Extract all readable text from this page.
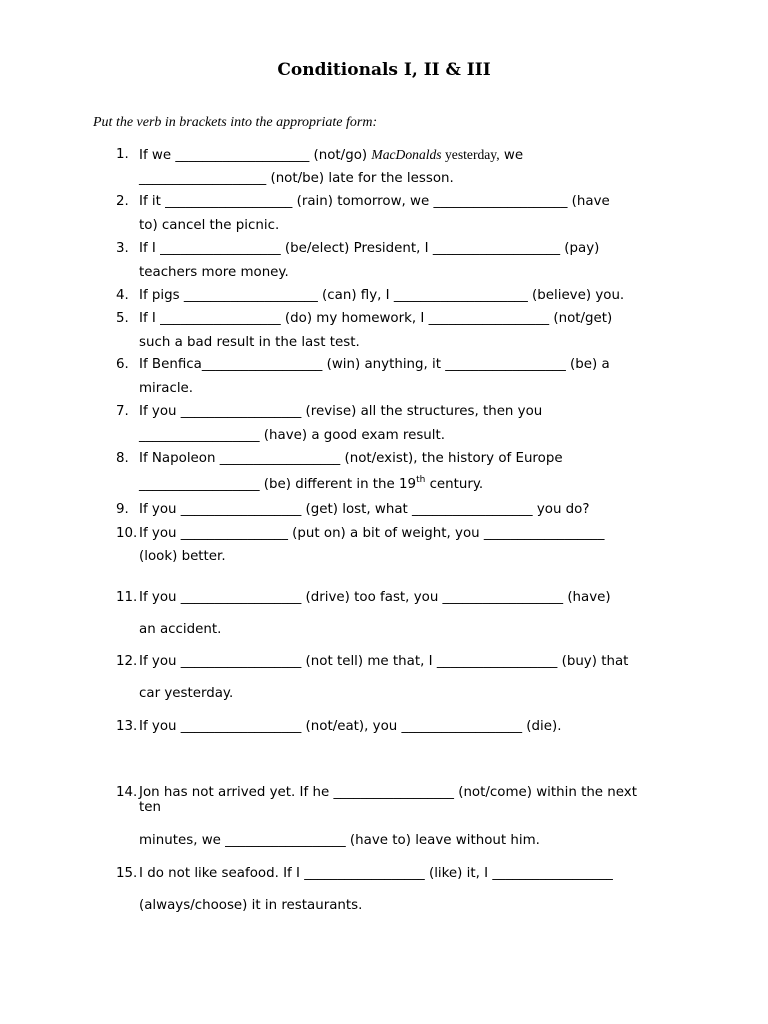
Conditionals I, II & III
Put the verb in brackets into the appropriate form:
1. If we ____________________ (not/go) MacDonalds yesterday, we
___________________ (not/be) late for the lesson.
2. If it ___________________ (rain) tomorrow, we ____________________ (have
to) cancel the picnic.
3. If I __________________ (be/elect) President, I ___________________ (pay)
teachers more money.
4. If pigs ____________________ (can) fly, I ____________________ (believe) you.
5. If I __________________ (do) my homework, I __________________ (not/get)
such a bad result in the last test.
6. If Benfica__________________ (win) anything, it __________________ (be) a
miracle.
7. If you __________________ (revise) all the structures, then you
__________________ (have) a good exam result.
8. If Napoleon __________________ (not/exist), the history of Europe
__________________ (be) different in the 19th century.
9. If you __________________ (get) lost, what __________________ you do?
10. If you ________________ (put on) a bit of weight, you __________________
(look) better.
11. If you __________________ (drive) too fast, you __________________ (have)
an accident.
12. If you __________________ (not tell) me that, I __________________ (buy) that
car yesterday.
13. If you __________________ (not/eat), you __________________ (die).
14. Jon has not arrived yet. If he __________________ (not/come) within the next
ten
minutes, we __________________ (have to) leave without him.
15. I do not like seafood. If I __________________ (like) it, I __________________
(always/choose) it in restaurants.
